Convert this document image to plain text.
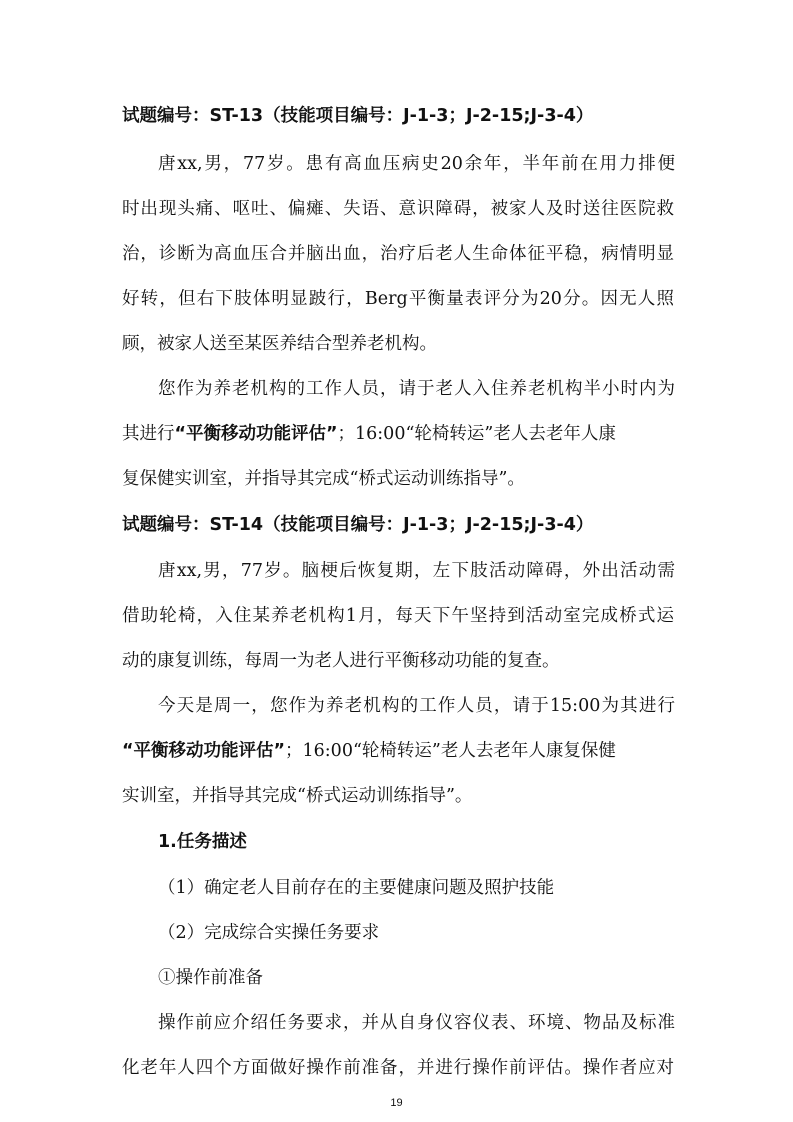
试题编号：ST-13（技能项目编号：J-1-3；J-2-15;J-3-4）
唐xx,男，77岁。患有高血压病史20余年，半年前在用力排便
时出现头痛、呕吐、偏瘫、失语、意识障碍，被家人及时送往医院救
治，诊断为高血压合并脑出血，治疗后老人生命体征平稳，病情明显
好转，但右下肢体明显跛行，Berg平衡量表评分为20分。因无人照
顾，被家人送至某医养结合型养老机构。
您作为养老机构的工作人员，请于老人入住养老机构半小时内为
其进行“平衡移动功能评估”；16:00“轮椅转运”老人去老年人康
复保健实训室，并指导其完成“桥式运动训练指导”。
试题编号：ST-14（技能项目编号：J-1-3；J-2-15;J-3-4）
唐xx,男，77岁。脑梗后恢复期，左下肢活动障碍，外出活动需
借助轮椅，入住某养老机构1月，每天下午坚持到活动室完成桥式运
动的康复训练，每周一为老人进行平衡移动功能的复查。
今天是周一，您作为养老机构的工作人员，请于15:00为其进行
“平衡移动功能评估”；16:00“轮椅转运”老人去老年人康复保健
实训室，并指导其完成“桥式运动训练指导”。
1.任务描述
（1）确定老人目前存在的主要健康问题及照护技能
（2）完成综合实操任务要求
①操作前准备
操作前应介绍任务要求，并从自身仪容仪表、环境、物品及标准
化老年人四个方面做好操作前准备，并进行操作前评估。操作者应对
19
